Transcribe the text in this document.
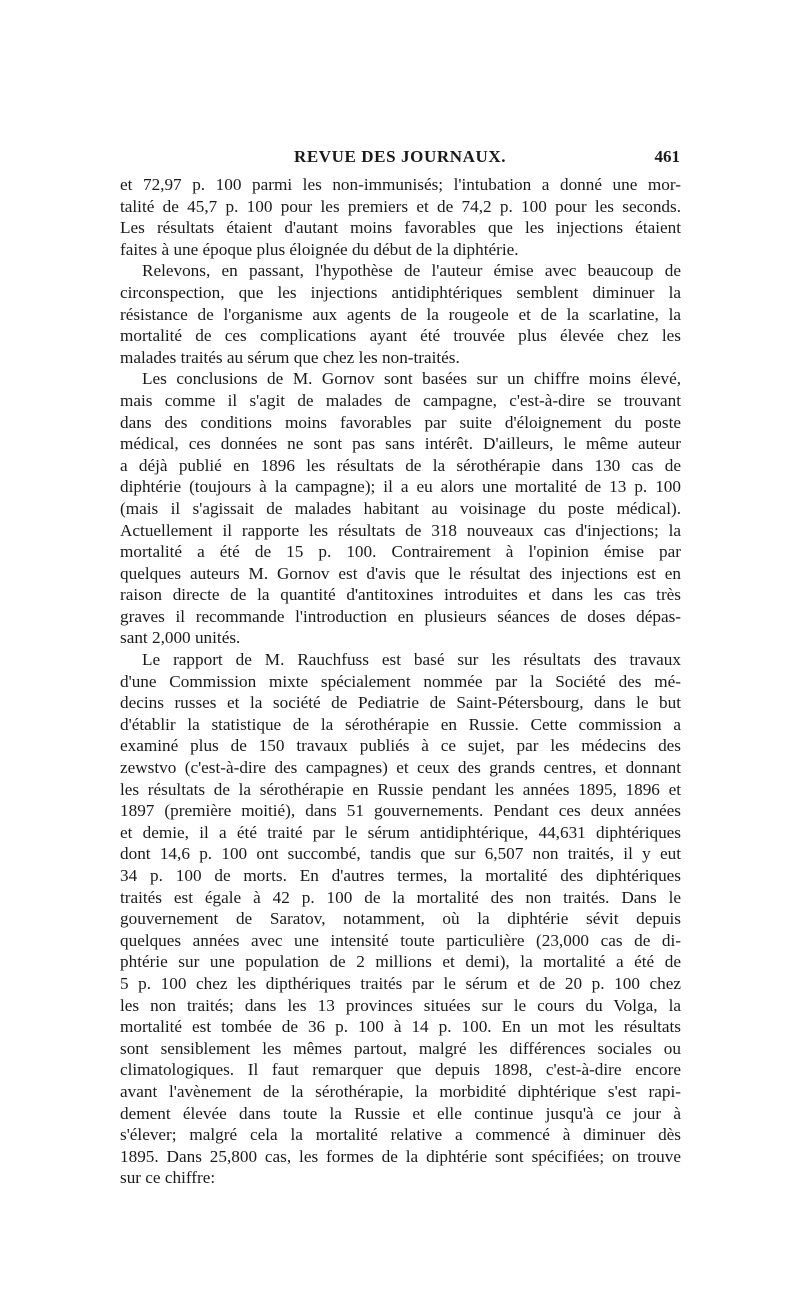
REVUE DES JOURNAUX.	461
et 72,97 p. 100 parmi les non-immunisés; l'intubation a donné une mor-
talité de 45,7 p. 100 pour les premiers et de 74,2 p. 100 pour les seconds.
Les résultats étaient d'autant moins favorables que les injections étaient
faites à une époque plus éloignée du début de la diphtérie.
Relevons, en passant, l'hypothèse de l'auteur émise avec beaucoup de
circonspection, que les injections antidiphtériques semblent diminuer la
résistance de l'organisme aux agents de la rougeole et de la scarlatine, la
mortalité de ces complications ayant été trouvée plus élevée chez les
malades traités au sérum que chez les non-traités.
Les conclusions de M. Gornov sont basées sur un chiffre moins élevé,
mais comme il s'agit de malades de campagne, c'est-à-dire se trouvant
dans des conditions moins favorables par suite d'éloignement du poste
médical, ces données ne sont pas sans intérêt. D'ailleurs, le même auteur
a déjà publié en 1896 les résultats de la sérothérapie dans 130 cas de
diphtérie (toujours à la campagne); il a eu alors une mortalité de 13 p. 100
(mais il s'agissait de malades habitant au voisinage du poste médical).
Actuellement il rapporte les résultats de 318 nouveaux cas d'injections; la
mortalité a été de 15 p. 100. Contrairement à l'opinion émise par
quelques auteurs M. Gornov est d'avis que le résultat des injections est en
raison directe de la quantité d'antitoxines introduites et dans les cas très
graves il recommande l'introduction en plusieurs séances de doses dépas-
sant 2,000 unités.
Le rapport de M. Rauchfuss est basé sur les résultats des travaux
d'une Commission mixte spécialement nommée par la Société des mé-
decins russes et la société de Pediatrie de Saint-Pétersbourg, dans le but
d'établir la statistique de la sérothérapie en Russie. Cette commission a
examiné plus de 150 travaux publiés à ce sujet, par les médecins des
zewstvo (c'est-à-dire des campagnes) et ceux des grands centres, et donnant
les résultats de la sérothérapie en Russie pendant les années 1895, 1896 et
1897 (première moitié), dans 51 gouvernements. Pendant ces deux années
et demie, il a été traité par le sérum antidiphtérique, 44,631 diphtériques
dont 14,6 p. 100 ont succombé, tandis que sur 6,507 non traités, il y eut
34 p. 100 de morts. En d'autres termes, la mortalité des diphtériques
traités est égale à 42 p. 100 de la mortalité des non traités. Dans le
gouvernement de Saratov, notamment, où la diphtérie sévit depuis
quelques années avec une intensité toute particulière (23,000 cas de di-
phtérie sur une population de 2 millions et demi), la mortalité a été de
5 p. 100 chez les dipthériques traités par le sérum et de 20 p. 100 chez
les non traités; dans les 13 provinces situées sur le cours du Volga, la
mortalité est tombée de 36 p. 100 à 14 p. 100. En un mot les résultats
sont sensiblement les mêmes partout, malgré les différences sociales ou
climatologiques. Il faut remarquer que depuis 1898, c'est-à-dire encore
avant l'avènement de la sérothérapie, la morbidité diphtérique s'est rapi-
dement élevée dans toute la Russie et elle continue jusqu'à ce jour à
s'élever; malgré cela la mortalité relative a commencé à diminuer dès
1895. Dans 25,800 cas, les formes de la diphtérie sont spécifiées; on trouve
sur ce chiffre:
